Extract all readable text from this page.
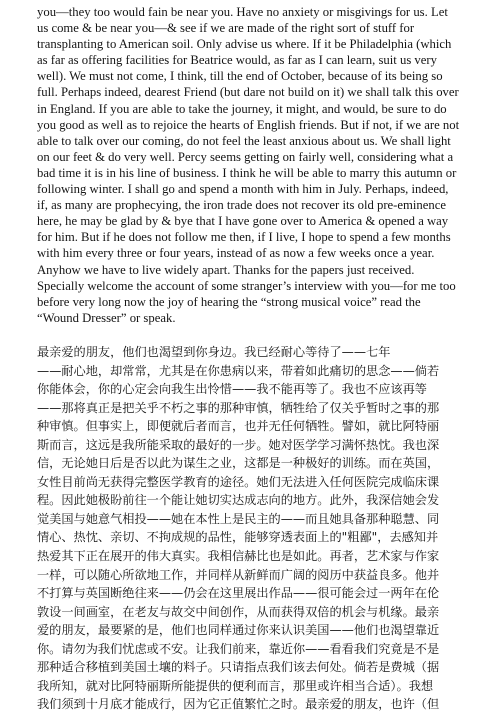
you—they too would fain be near you. Have no anxiety or misgivings for us. Let
us come & be near you—& see if we are made of the right sort of stuff for
transplanting to American soil. Only advise us where. If it be Philadelphia (which
as far as offering facilities for Beatrice would, as far as I can learn, suit us very
well). We must not come, I think, till the end of October, because of its being so
full. Perhaps indeed, dearest Friend (but dare not build on it) we shall talk this over
in England. If you are able to take the journey, it might, and would, be sure to do
you good as well as to rejoice the hearts of English friends. But if not, if we are not
able to talk over our coming, do not feel the least anxious about us. We shall light
on our feet & do very well. Percy seems getting on fairly well, considering what a
bad time it is in his line of business. I think he will be able to marry this autumn or
following winter. I shall go and spend a month with him in July. Perhaps, indeed,
if, as many are prophecying, the iron trade does not recover its old pre-eminence
here, he may be glad by & bye that I have gone over to America & opened a way
for him. But if he does not follow me then, if I live, I hope to spend a few months
with him every three or four years, instead of as now a few weeks once a year.
Anyhow we have to live widely apart. Thanks for the papers just received.
Specially welcome the account of some stranger’s interview with you—for me too
before very long now the joy of hearing the “strong musical voice” read the
“Wound Dresser” or speak.
最亲爱的朋友，他们也渴望到你身边。我已经耐心等待了——七年
——耐心地，却常常，尤其是在你患病以来，带着如此痛切的思念——倘若
你能体会，你的心定会向我生出怜惜——我不能再等了。我也不应该再等
——那将真正是把关乎不朽之事的那种审慎，牺牲给了仅关乎暂时之事的那
种审慎。但事实上，即便就后者而言，也并无任何牺牲。譬如，就比阿特丽
斯而言，这远是我所能采取的最好的一步。她对医学学习满怀热忱。我也深
信，无论她日后是否以此为谋生之业，这都是一种极好的训练。而在英国，
女性目前尚无获得完整医学教育的途径。她们无法进入任何医院完成临床课
程。因此她极盼前往一个能让她切实达成志向的地方。此外，我深信她会发
觉美国与她意气相投——她在本性上是民主的——而且她具备那种聪慧、同
情心、热忱、亲切、不拘成规的品性，能够穿透表面上的"粗鄙"，去感知并
热爱其下正在展开的伟大真实。我相信赫比也是如此。再者，艺术家与作家
一样，可以随心所欲地工作，并同样从新鲜而广阔的阅历中获益良多。他并
不打算与英国断绝往来——仍会在这里展出作品——很可能会过一两年在伦
敦设一间画室，在老友与故交中间创作，从而获得双倍的机会与机缘。最亲
爱的朋友，最要紧的是，他们也同样通过你来认识美国——他们也渴望靠近
你。请勿为我们忧虑或不安。让我们前来，靠近你——看看我们究竟是不是
那种适合移植到美国土壤的料子。只请指点我们该去何处。倘若是费城（据
我所知，就对比阿特丽斯所能提供的便利而言，那里或许相当合适）。我想
我们须到十月底才能成行，因为它正值繁忙之时。最亲爱的朋友，也许（但
